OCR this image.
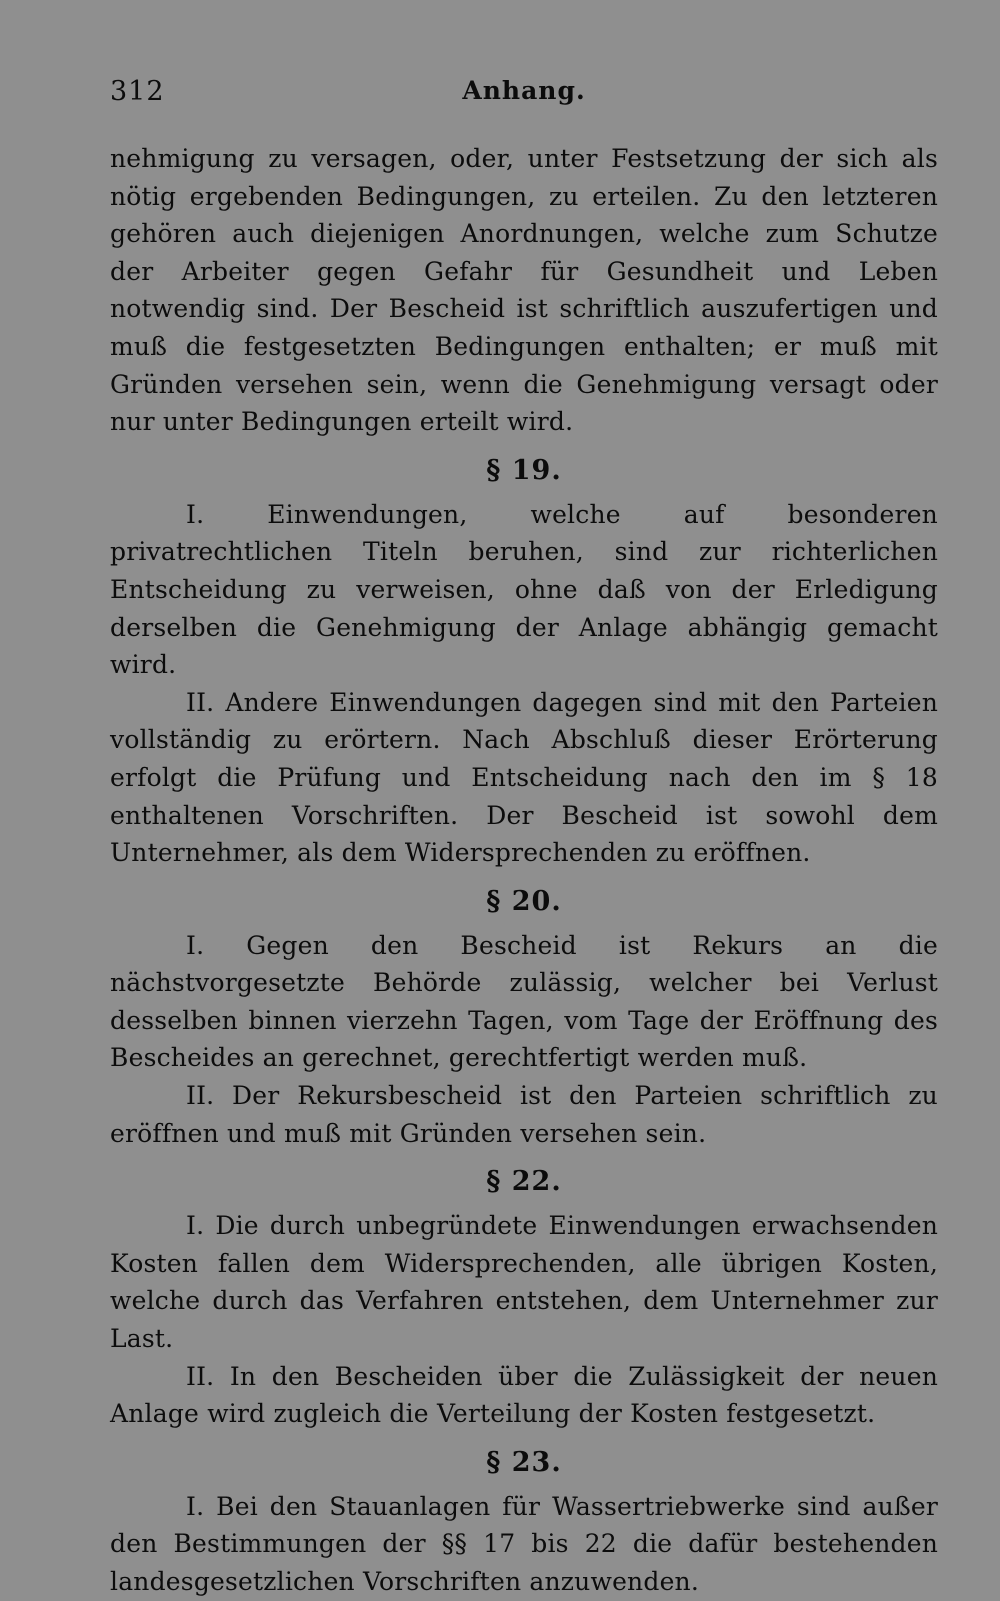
312	Anhang.

nehmigung zu versagen, oder, unter Festsetzung der sich als nötig ergebenden Bedingungen, zu erteilen. Zu den letzteren gehören auch diejenigen Anordnungen, welche zum Schutze der Arbeiter gegen Gefahr für Gesundheit und Leben notwendig sind. Der Bescheid ist schriftlich auszufertigen und muß die festgesetzten Bedingungen enthalten; er muß mit Gründen versehen sein, wenn die Genehmigung versagt oder nur unter Bedingungen erteilt wird.

§ 19.

I. Einwendungen, welche auf besonderen privatrechtlichen Titeln beruhen, sind zur richterlichen Entscheidung zu verweisen, ohne daß von der Erledigung derselben die Genehmigung der Anlage abhängig gemacht wird.

II. Andere Einwendungen dagegen sind mit den Parteien vollständig zu erörtern. Nach Abschluß dieser Erörterung erfolgt die Prüfung und Entscheidung nach den im § 18 enthaltenen Vorschriften. Der Bescheid ist sowohl dem Unternehmer, als dem Widersprechenden zu eröffnen.

§ 20.

I. Gegen den Bescheid ist Rekurs an die nächstvorgesetzte Behörde zulässig, welcher bei Verlust desselben binnen vierzehn Tagen, vom Tage der Eröffnung des Bescheides an gerechnet, gerechtfertigt werden muß.

II. Der Rekursbescheid ist den Parteien schriftlich zu eröffnen und muß mit Gründen versehen sein.

§ 22.

I. Die durch unbegründete Einwendungen erwachsenden Kosten fallen dem Widersprechenden, alle übrigen Kosten, welche durch das Verfahren entstehen, dem Unternehmer zur Last.

II. In den Bescheiden über die Zulässigkeit der neuen Anlage wird zugleich die Verteilung der Kosten festgesetzt.

§ 23.

I. Bei den Stauanlagen für Wassertriebwerke sind außer den Bestimmungen der §§ 17 bis 22 die dafür bestehenden landesgesetzlichen Vorschriften anzuwenden.
